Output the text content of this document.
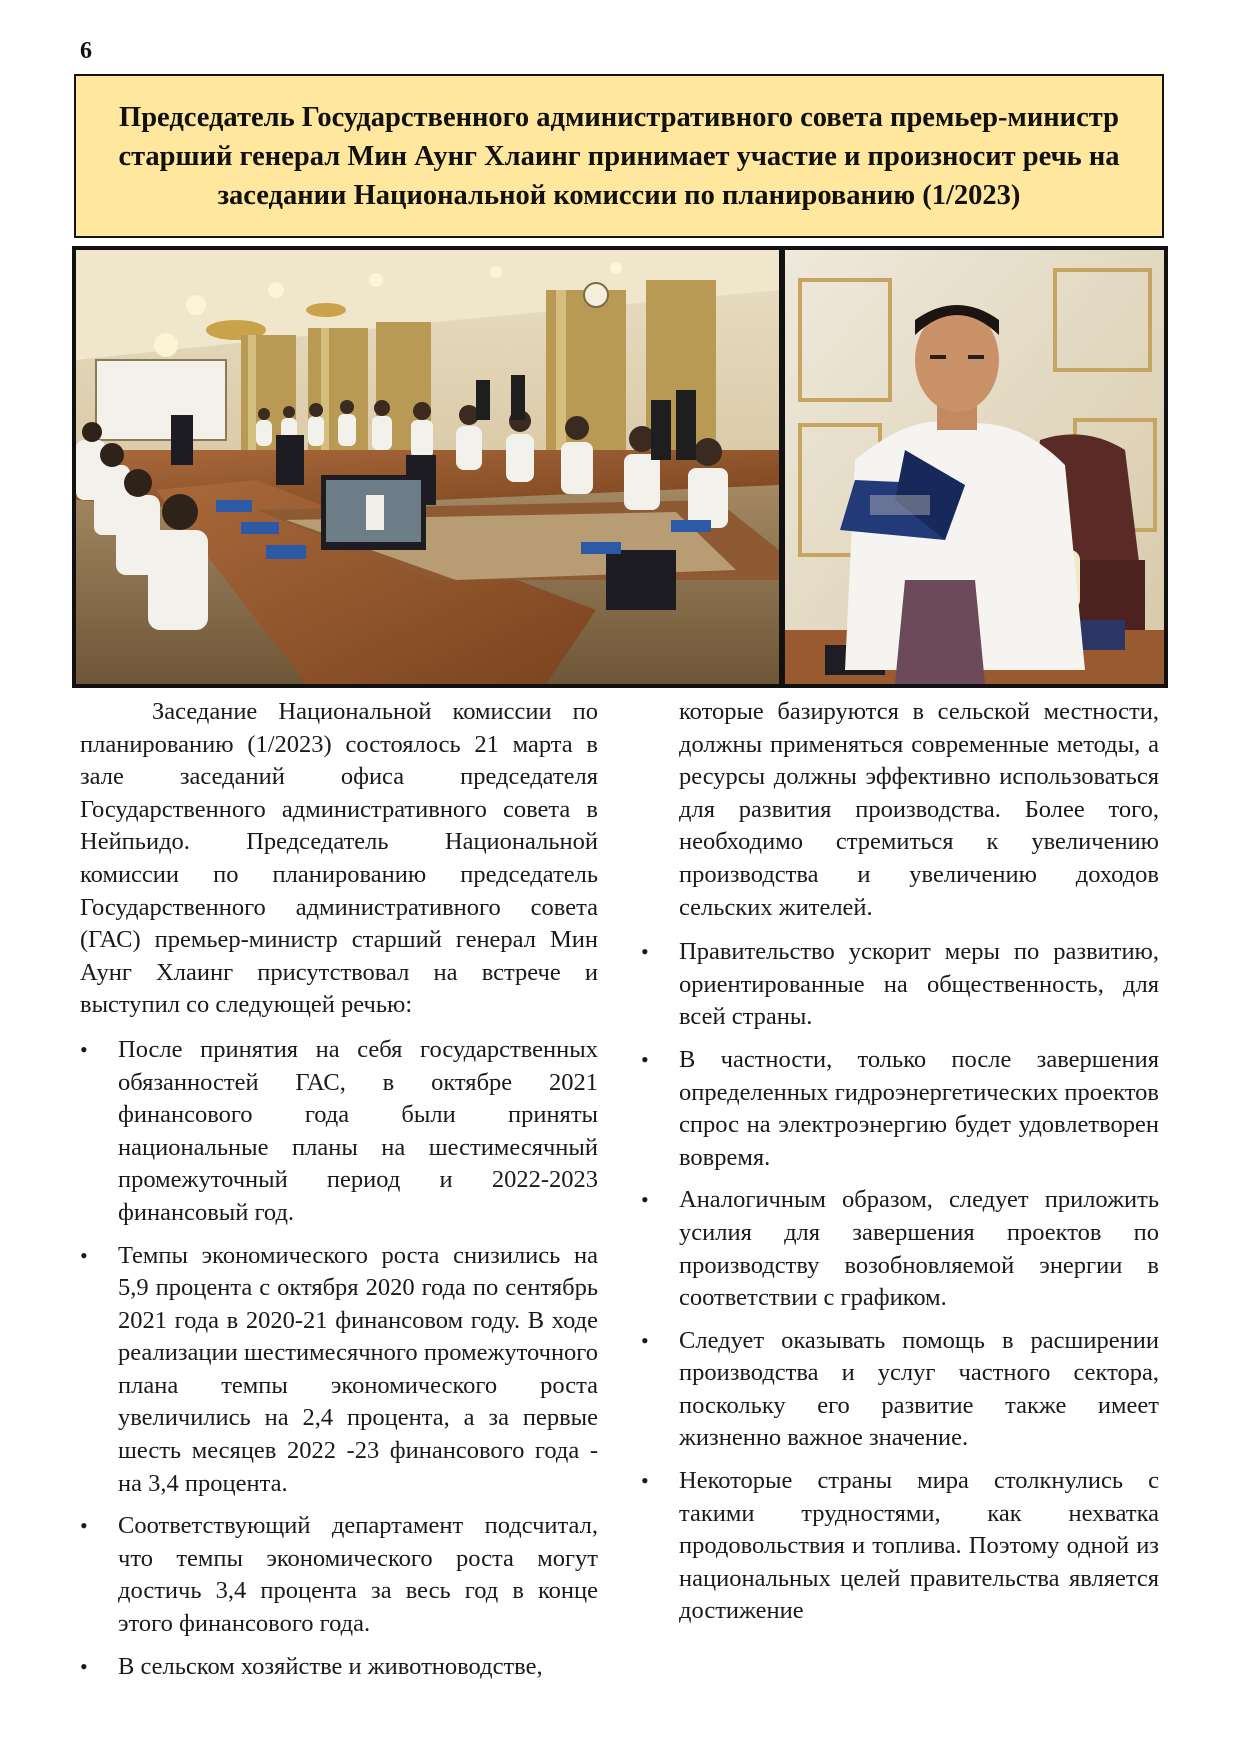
6
Председатель Государственного административного совета премьер-министр старший генерал Мин Аунг Хлаинг принимает участие и произносит речь на заседании Национальной комиссии по планированию (1/2023)

Заседание Национальной комиссии по планированию (1/2023) состоялось 21 марта в зале заседаний офиса председателя Государственного административного совета в Нейпьидо. Председатель Национальной комиссии по планированию председатель Государственного административного совета (ГАС) премьер-министр старший генерал Мин Аунг Хлаинг присутствовал на встрече и выступил со следующей речью:

•	После принятия на себя государственных обязанностей ГАС, в октябре 2021 финансового года были приняты национальные планы на шестимесячный промежуточный период и 2022-2023 финансовый год.
•	Темпы экономического роста снизились на 5,9 процента с октября 2020 года по сентябрь 2021 года в 2020-21 финансовом году. В ходе реализации шестимесячного промежуточного плана темпы экономического роста увеличились на 2,4 процента, а за первые шесть месяцев 2022 -23 финансового года - на 3,4 процента.
•	Соответствующий департамент подсчитал, что темпы экономического роста могут достичь 3,4 процента за весь год в конце этого финансового года.
•	В сельском хозяйстве и животноводстве,

которые базируются в сельской местности, должны применяться современные методы, а ресурсы должны эффективно использоваться для развития производства. Более того, необходимо стремиться к увеличению производства и увеличению доходов сельских жителей.

•	Правительство ускорит меры по развитию, ориентированные на общественность, для всей страны.
•	В частности, только после завершения определенных гидроэнергетических проектов спрос на электроэнергию будет удовлетворен вовремя.
•	Аналогичным образом, следует приложить усилия для завершения проектов по производству возобновляемой энергии в соответствии с графиком.
•	Следует оказывать помощь в расширении производства и услуг частного сектора, поскольку его развитие также имеет жизненно важное значение.
•	Некоторые страны мира столкнулись с такими трудностями, как нехватка продовольствия и топлива. Поэтому одной из национальных целей правительства является достижение
